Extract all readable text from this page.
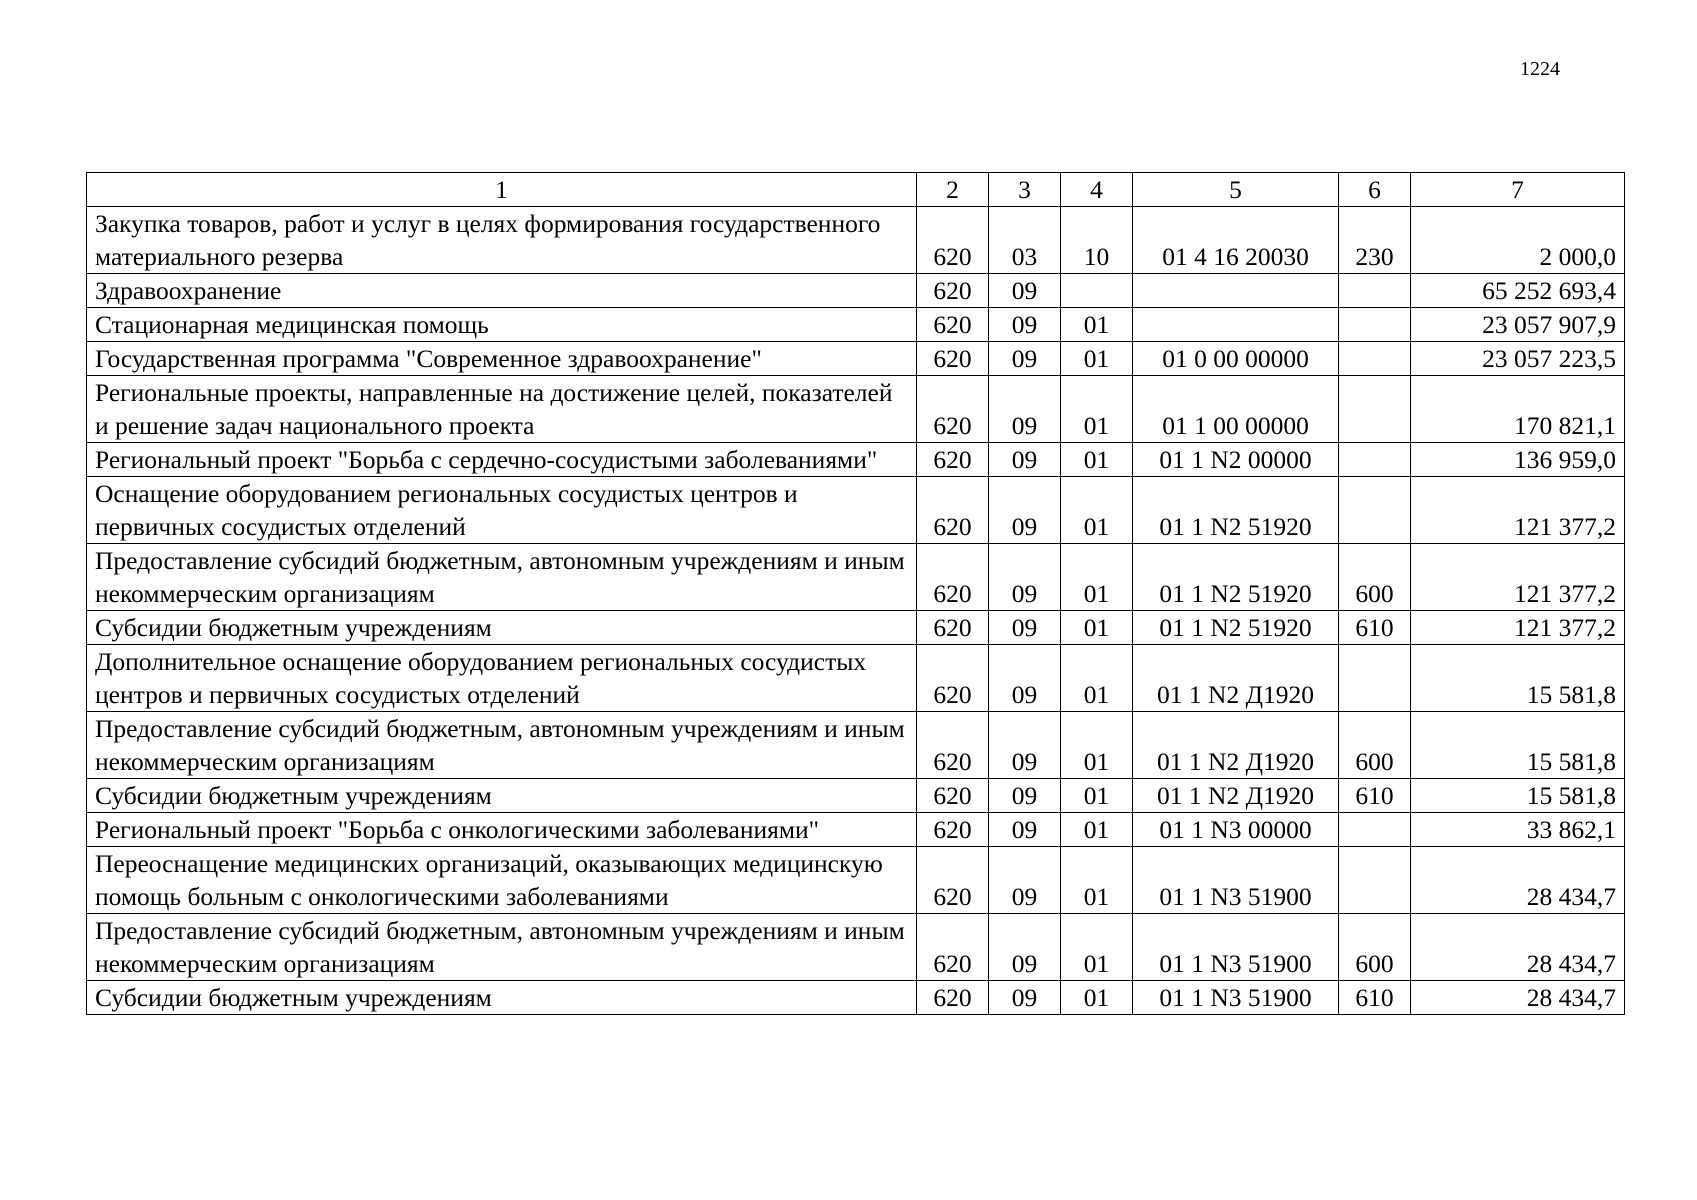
1224
1	2	3	4	5	6	7
Закупка товаров, работ и услуг в целях формирования государственного материального резерва	620	03	10	01 4 16 20030	230	2 000,0
Здравоохранение	620	09				65 252 693,4
Стационарная медицинская помощь	620	09	01			23 057 907,9
Государственная программа "Современное здравоохранение"	620	09	01	01 0 00 00000		23 057 223,5
Региональные проекты, направленные на достижение целей, показателей и решение задач национального проекта	620	09	01	01 1 00 00000		170 821,1
Региональный проект "Борьба с сердечно-сосудистыми заболеваниями"	620	09	01	01 1 N2 00000		136 959,0
Оснащение оборудованием региональных сосудистых центров и первичных сосудистых отделений	620	09	01	01 1 N2 51920		121 377,2
Предоставление субсидий бюджетным, автономным учреждениям и иным некоммерческим организациям	620	09	01	01 1 N2 51920	600	121 377,2
Субсидии бюджетным учреждениям	620	09	01	01 1 N2 51920	610	121 377,2
Дополнительное оснащение оборудованием региональных сосудистых центров и первичных сосудистых отделений	620	09	01	01 1 N2 Д1920		15 581,8
Предоставление субсидий бюджетным, автономным учреждениям и иным некоммерческим организациям	620	09	01	01 1 N2 Д1920	600	15 581,8
Субсидии бюджетным учреждениям	620	09	01	01 1 N2 Д1920	610	15 581,8
Региональный проект "Борьба с онкологическими заболеваниями"	620	09	01	01 1 N3 00000		33 862,1
Переоснащение медицинских организаций, оказывающих медицинскую помощь больным с онкологическими заболеваниями	620	09	01	01 1 N3 51900		28 434,7
Предоставление субсидий бюджетным, автономным учреждениям и иным некоммерческим организациям	620	09	01	01 1 N3 51900	600	28 434,7
Субсидии бюджетным учреждениям	620	09	01	01 1 N3 51900	610	28 434,7
